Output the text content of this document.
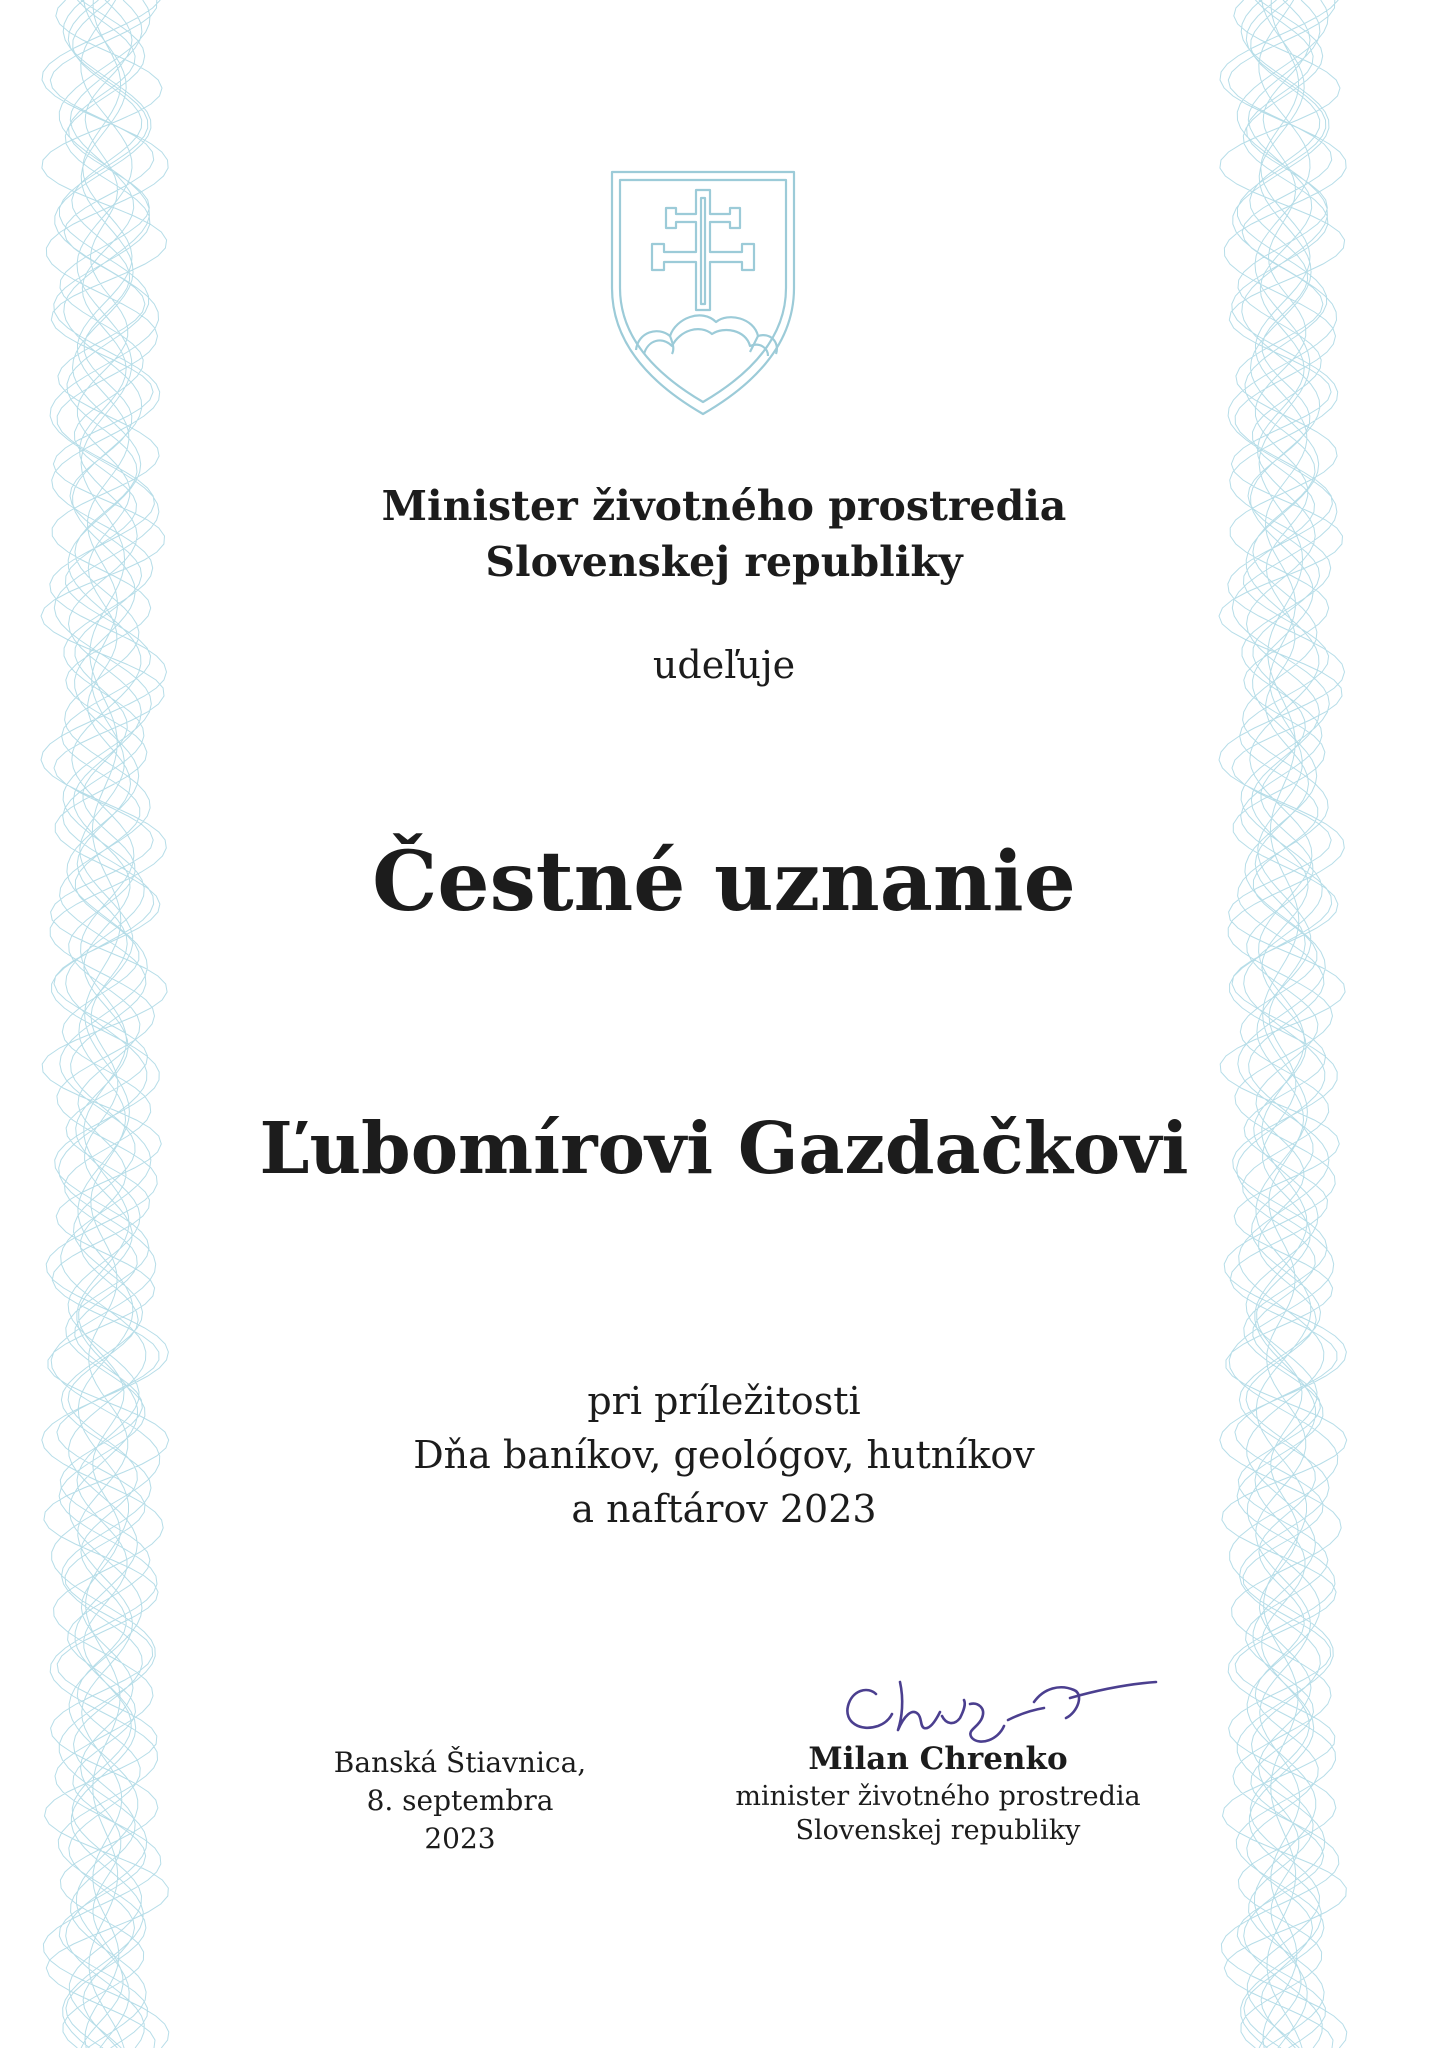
Minister životného prostredia
Slovenskej republiky
udeľuje
Čestné uznanie
Ľubomírovi Gazdačkovi
pri príležitosti
Dňa baníkov, geológov, hutníkov
a naftárov 2023
Banská Štiavnica,
8. septembra 2023
Milan Chrenko
minister životného prostredia
Slovenskej republiky
